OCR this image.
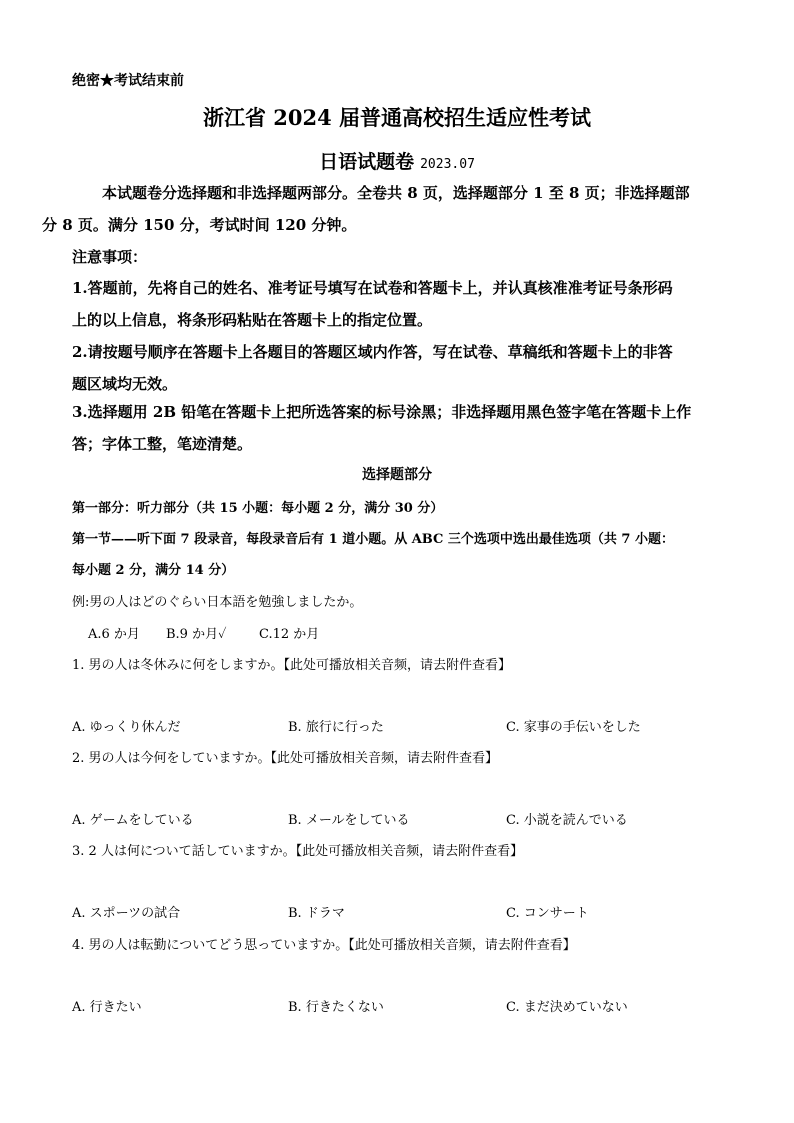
绝密★考试结束前
浙江省 2024 届普通高校招生适应性考试
日语试题卷 2023.07
本试题卷分选择题和非选择题两部分。全卷共 8 页，选择题部分 1 至 8 页；非选择题部
分 8 页。满分 150 分，考试时间 120 分钟。
注意事项：
1.答题前，先将自己的姓名、准考证号填写在试卷和答题卡上，并认真核准准考证号条形码
上的以上信息，将条形码粘贴在答题卡上的指定位置。
2.请按题号顺序在答题卡上各题目的答题区域内作答，写在试卷、草稿纸和答题卡上的非答
题区域均无效。
3.选择题用 2B 铅笔在答题卡上把所选答案的标号涂黑；非选择题用黑色签字笔在答题卡上作
答；字体工整，笔迹清楚。
选择题部分
第一部分：听力部分（共 15 小题：每小题 2 分，满分 30 分）
第一节——听下面 7 段录音，每段录音后有 1 道小题。从 ABC 三个选项中选出最佳选项（共 7 小题：
每小题 2 分，满分 14 分）
例:男の人はどのぐらい日本語を勉強しましたか。
A.6 か月 B.9 か月✓	C.12 か月
1. 男の人は冬休みに何をしますか。【此处可播放相关音频，请去附件查看】
A. ゆっくり休んだ	B. 旅行に行った	C. 家事の手伝いをした
2. 男の人は今何をしていますか。【此处可播放相关音频，请去附件查看】
A. ゲームをしている	B. メールをしている	C. 小説を読んでいる
3. 2 人は何について話していますか。【此处可播放相关音频，请去附件查看】
A. スポーツの試合	B. ドラマ	C. コンサート
4. 男の人は転勤についてどう思っていますか。【此处可播放相关音频，请去附件查看】
A. 行きたい	B. 行きたくない	C. まだ決めていない
